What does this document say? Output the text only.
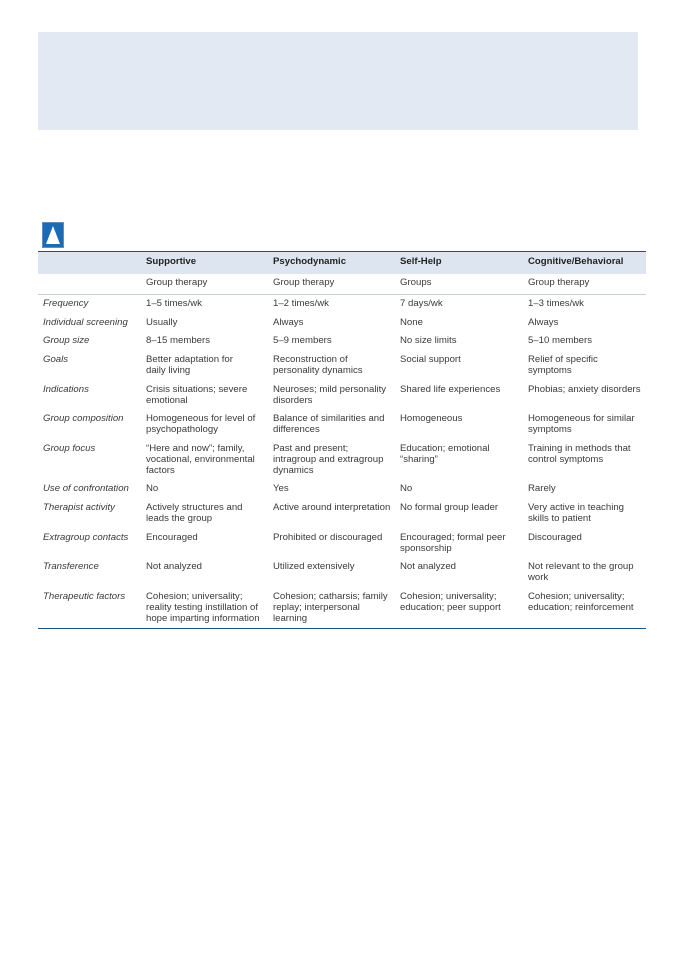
	Supportive	Psychodynamic	Self-Help	Cognitive/Behavioral
	Group therapy	Group therapy	Groups	Group therapy
Frequency	1–5 times/wk	1–2 times/wk	7 days/wk	1–3 times/wk
Individual screening	Usually	Always	None	Always
Group size	8–15 members	5–9 members	No size limits	5–10 members
Goals	Better adaptation for daily living	Reconstruction of personality dynamics	Social support	Relief of specific symptoms
Indications	Crisis situations; severe emotional	Neuroses; mild personality disorders	Shared life experiences	Phobias; anxiety disorders
Group composition	Homogeneous for level of psychopathology	Balance of similarities and differences	Homogeneous	Homogeneous for similar symptoms
Group focus	“Here and now”; family, vocational, environmental factors	Past and present; intragroup and extragroup dynamics	Education; emotional “sharing”	Training in methods that control symptoms
Use of confrontation	No	Yes	No	Rarely
Therapist activity	Actively structures and leads the group	Active around interpretation	No formal group leader	Very active in teaching skills to patient
Extragroup contacts	Encouraged	Prohibited or discouraged	Encouraged; formal peer sponsorship	Discouraged
Transference	Not analyzed	Utilized extensively	Not analyzed	Not relevant to the group work
Therapeutic factors	Cohesion; universality; reality testing instillation of hope imparting information	Cohesion; catharsis; family replay; interpersonal learning	Cohesion; universality; education; peer support	Cohesion; universality; education; reinforcement
